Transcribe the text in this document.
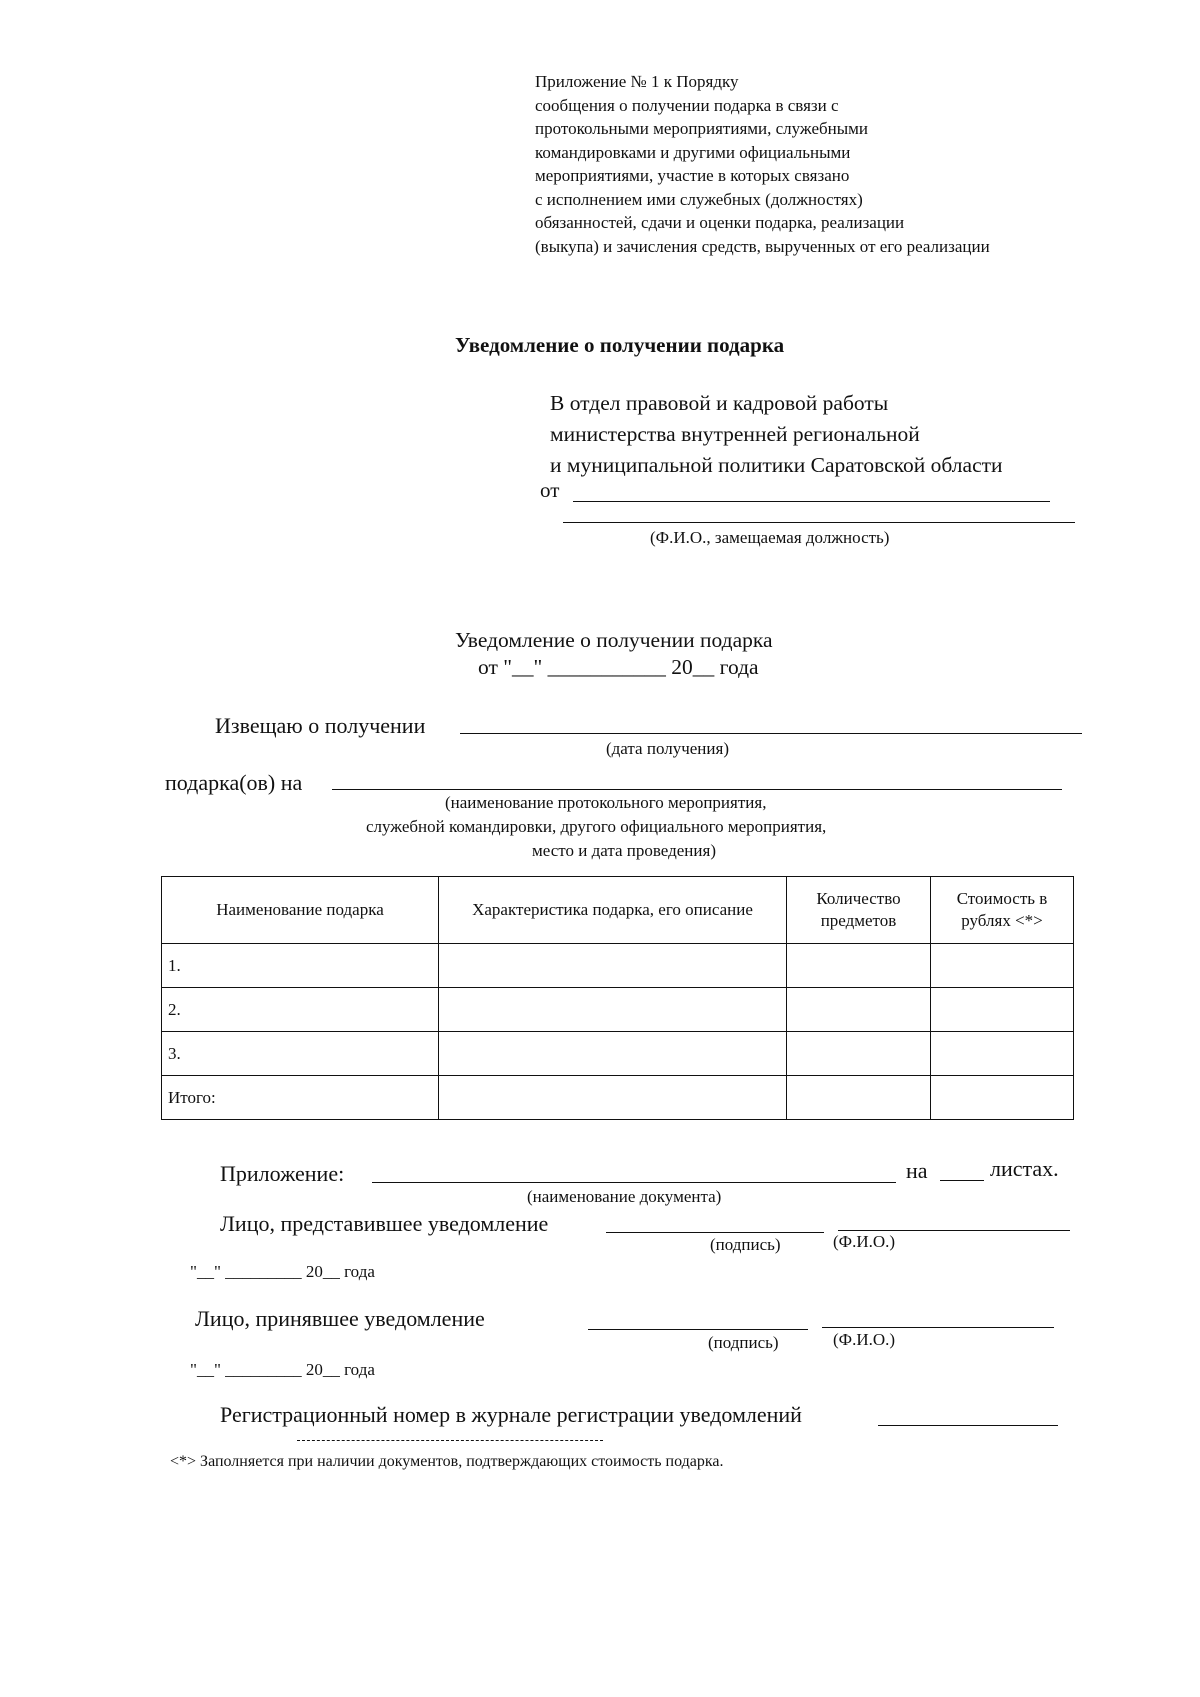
Приложение № 1 к Порядку
сообщения о получении подарка в связи с
протокольными мероприятиями, служебными
командировками и другими официальными
мероприятиями, участие в которых связано
с исполнением ими служебных (должностях)
обязанностей, сдачи и оценки подарка, реализации
(выкупа) и зачисления средств, вырученных от его реализации
Уведомление о получении подарка
В отдел правовой и кадровой работы
министерства внутренней региональной
и муниципальной политики Саратовской области
от
(Ф.И.О., замещаемая должность)
Уведомление о получении подарка
от "__" ___________ 20__ года
Извещаю о получении
(дата получения)
подарка(ов) на
(наименование протокольного мероприятия,
служебной командировки, другого официального мероприятия,
место и дата проведения)
Наименование подарка	Характеристика подарка, его описание	Количество предметов	Стоимость в рублях <*>
1.			
2.			
3.			
Итого:			
Приложение:	на	листах.
(наименование документа)
Лицо, представившее уведомление
(подпись)	(Ф.И.О.)
"__" _________ 20__ года
Лицо, принявшее уведомление
(подпись)	(Ф.И.О.)
"__" _________ 20__ года
Регистрационный номер в журнале регистрации уведомлений
<*> Заполняется при наличии документов, подтверждающих стоимость подарка.
